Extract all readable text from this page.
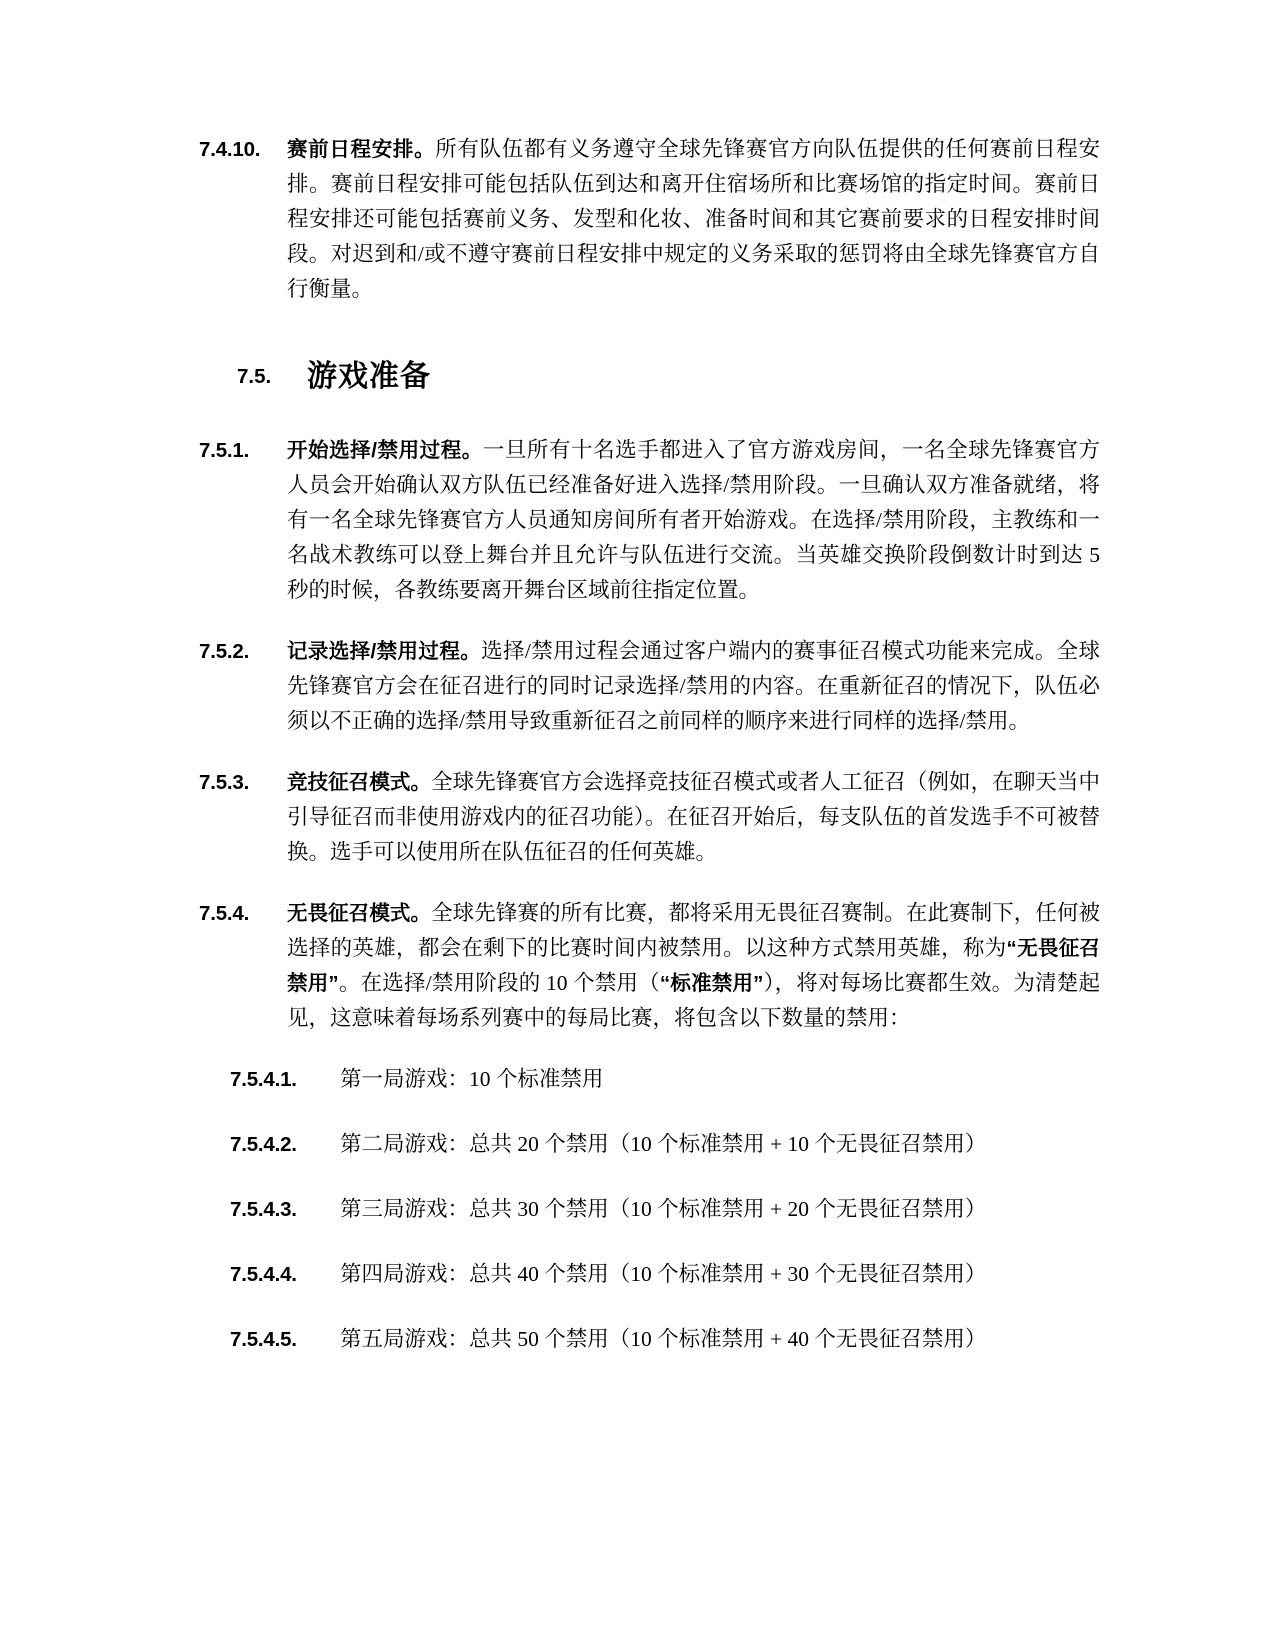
7.4.10.	赛前日程安排。所有队伍都有义务遵守全球先锋赛官方向队伍提供的任何赛前日程安排。赛前日程安排可能包括队伍到达和离开住宿场所和比赛场馆的指定时间。赛前日程安排还可能包括赛前义务、发型和化妆、准备时间和其它赛前要求的日程安排时间段。对迟到和/或不遵守赛前日程安排中规定的义务采取的惩罚将由全球先锋赛官方自行衡量。
7.5.	游戏准备
7.5.1.	开始选择/禁用过程。一旦所有十名选手都进入了官方游戏房间，一名全球先锋赛官方人员会开始确认双方队伍已经准备好进入选择/禁用阶段。一旦确认双方准备就绪，将有一名全球先锋赛官方人员通知房间所有者开始游戏。在选择/禁用阶段，主教练和一名战术教练可以登上舞台并且允许与队伍进行交流。当英雄交换阶段倒数计时到达 5 秒的时候，各教练要离开舞台区域前往指定位置。
7.5.2.	记录选择/禁用过程。选择/禁用过程会通过客户端内的赛事征召模式功能来完成。全球先锋赛官方会在征召进行的同时记录选择/禁用的内容。在重新征召的情况下，队伍必须以不正确的选择/禁用导致重新征召之前同样的顺序来进行同样的选择/禁用。
7.5.3.	竞技征召模式。全球先锋赛官方会选择竞技征召模式或者人工征召（例如，在聊天当中引导征召而非使用游戏内的征召功能）。在征召开始后，每支队伍的首发选手不可被替换。选手可以使用所在队伍征召的任何英雄。
7.5.4.	无畏征召模式。全球先锋赛的所有比赛，都将采用无畏征召赛制。在此赛制下，任何被选择的英雄，都会在剩下的比赛时间内被禁用。以这种方式禁用英雄，称为“无畏征召禁用”。在选择/禁用阶段的 10 个禁用（“标准禁用”），将对每场比赛都生效。为清楚起见，这意味着每场系列赛中的每局比赛，将包含以下数量的禁用：
7.5.4.1.	第一局游戏：10 个标准禁用
7.5.4.2.	第二局游戏：总共 20 个禁用（10 个标准禁用 + 10 个无畏征召禁用）
7.5.4.3.	第三局游戏：总共 30 个禁用（10 个标准禁用 + 20 个无畏征召禁用）
7.5.4.4.	第四局游戏：总共 40 个禁用（10 个标准禁用 + 30 个无畏征召禁用）
7.5.4.5.	第五局游戏：总共 50 个禁用（10 个标准禁用 + 40 个无畏征召禁用）
